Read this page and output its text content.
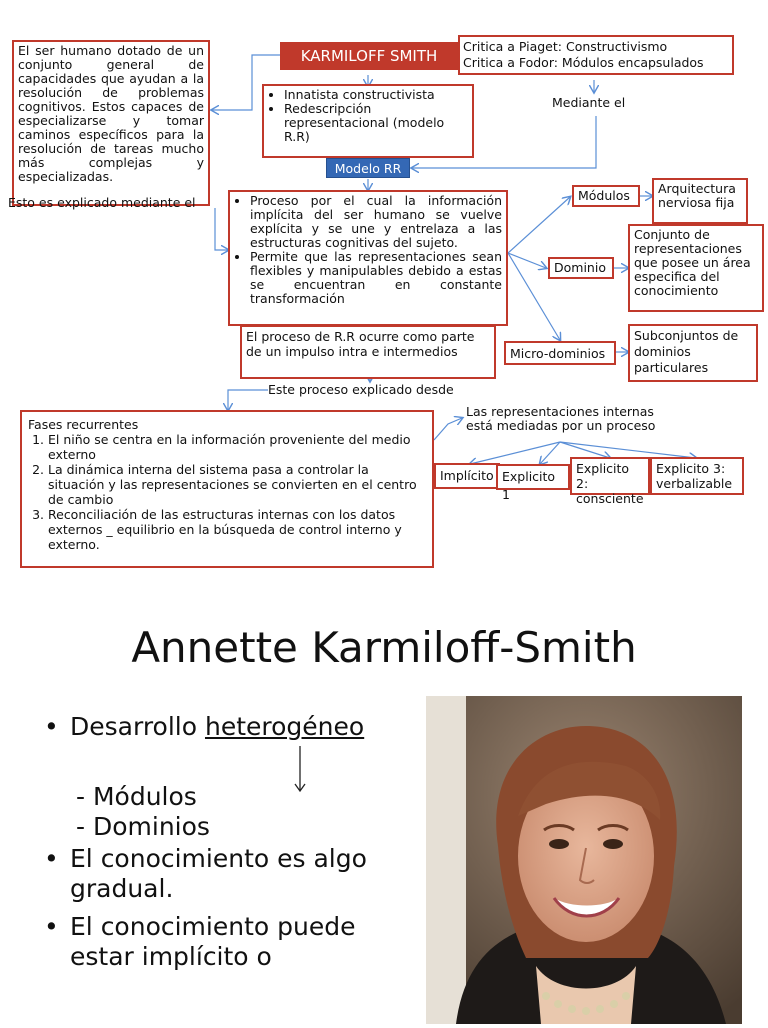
El ser humano dotado de un conjunto general de capacidades que ayudan a la resolución de problemas cognitivos. Estos capaces de especializarse y tomar caminos específicos para la resolución de tareas mucho más complejas y especializadas.
Esto es explicado mediante el
KARMILOFF SMITH
Critica a Piaget: Constructivismo
Critica a Fodor: Módulos encapsulados
Mediante el
• Innatista constructivista
• Redescripción representacional (modelo R.R)
Modelo RR
• Proceso por el cual la información implícita del ser humano se vuelve explícita y se une y entrelaza a las estructuras cognitivas del sujeto.
• Permite que las representaciones sean flexibles y manipulables debido a estas se encuentran en constante transformación
Módulos	Arquitectura nerviosa fija
Dominio
Conjunto de representaciones que posee un área especifica del conocimiento
Micro-dominios
Subconjuntos de dominios particulares
El proceso de R.R ocurre como parte de un impulso intra e intermedios
Este proceso explicado desde
Fases recurrentes
1. El niño se centra en la información proveniente del medio externo
2. La dinámica interna del sistema pasa a controlar la situación y las representaciones se convierten en el centro de cambio
3. Reconciliación de las estructuras internas con los datos externos _ equilibrio en la búsqueda de control interno y externo.
Las representaciones internas está mediadas por un proceso
Implícito Explicito 1
Explicito 2: consciente
Explicito 3: verbalizable
Annette Karmiloff-Smith
• Desarrollo heterogéneo
- Módulos
- Dominios
• El conocimiento es algo gradual.
• El conocimiento puede estar implícito o
